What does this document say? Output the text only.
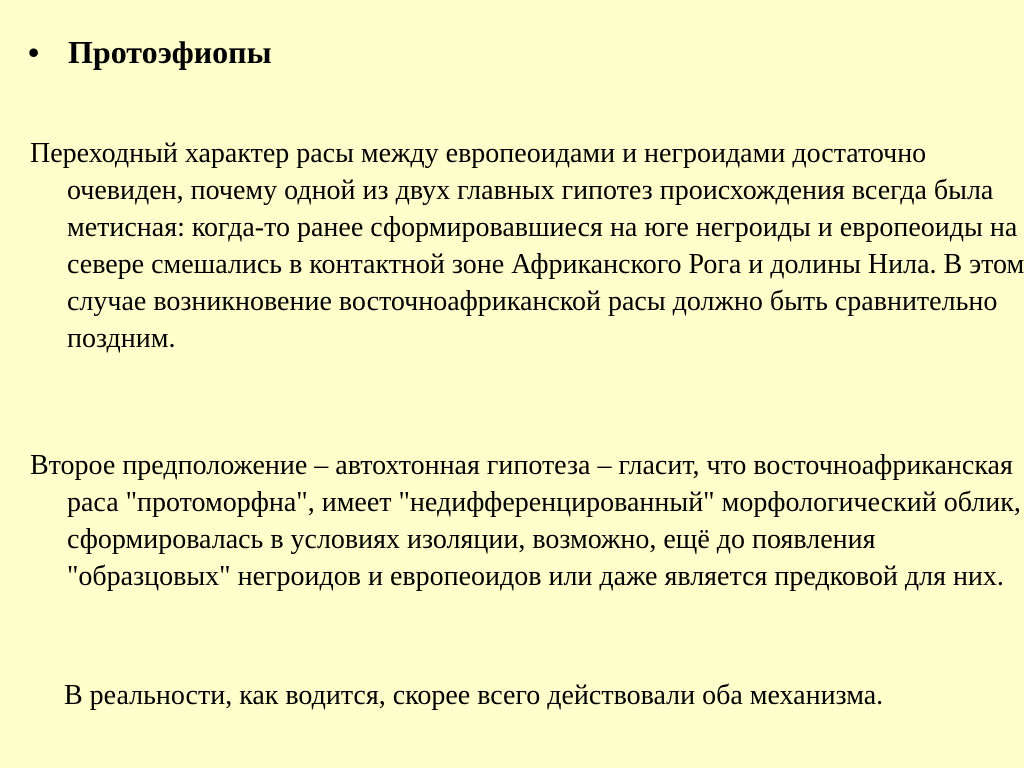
• Протоэфиопы

Переходный характер расы между европеоидами и негроидами достаточно очевиден, почему одной из двух главных гипотез происхождения всегда была метисная: когда-то ранее сформировавшиеся на юге негроиды и европеоиды на севере смешались в контактной зоне Африканского Рога и долины Нила. В этом случае возникновение восточноафриканской расы должно быть сравнительно поздним.

Второе предположение – автохтонная гипотеза – гласит, что восточноафриканская раса "протоморфна", имеет "недифференцированный" морфологический облик, сформировалась в условиях изоляции, возможно, ещё до появления "образцовых" негроидов и европеоидов или даже является предковой для них.

В реальности, как водится, скорее всего действовали оба механизма.
